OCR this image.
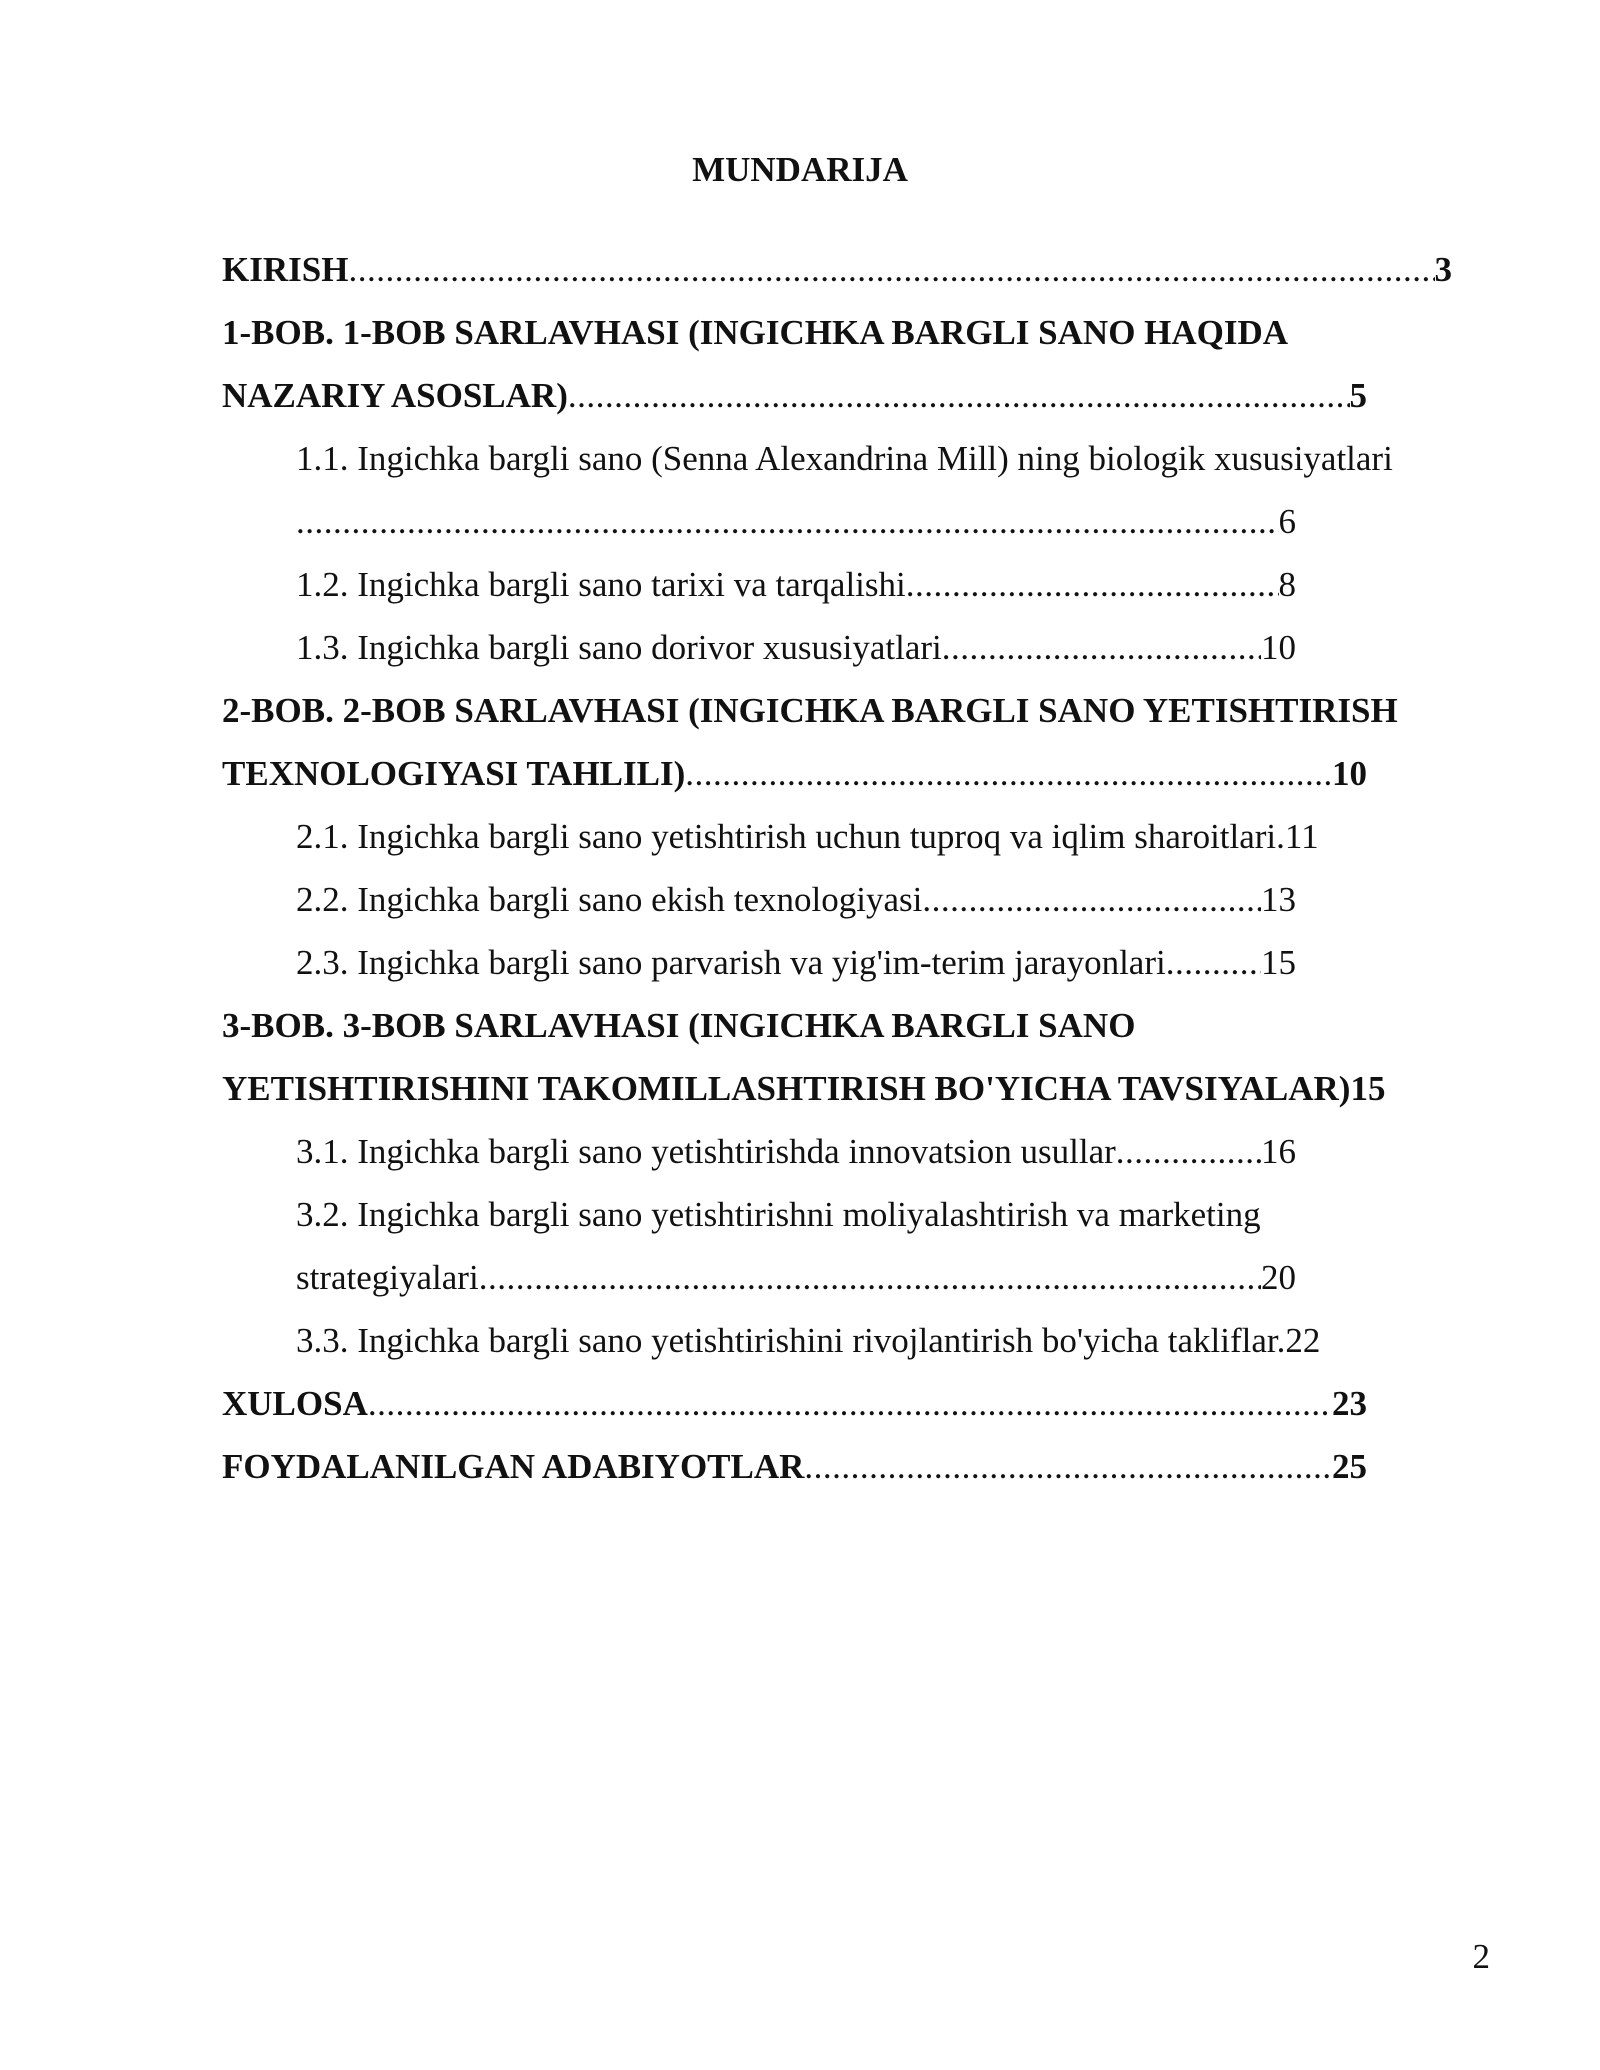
MUNDARIJA
KIRISH .....	3
1-BOB. 1-BOB SARLAVHASI (INGICHKA BARGLI SANO HAQIDA
NAZARIY ASOSLAR) .....	5
1.1. Ingichka bargli sano (Senna Alexandrina Mill) ning biologik xususiyatlari
.....
6
1.2. Ingichka bargli sano tarixi va tarqalishi .....	8
1.3. Ingichka bargli sano dorivor xususiyatlari .....	10
2-BOB. 2-BOB SARLAVHASI (INGICHKA BARGLI SANO YETISHTIRISH
TEXNOLOGIYASI TAHLILI) .....	10
2.1. Ingichka bargli sano yetishtirish uchun tuproq va iqlim sharoitlari. 11
2.2. Ingichka bargli sano ekish texnologiyasi .....	13
2.3. Ingichka bargli sano parvarish va yig'im-terim jarayonlari .....	15
3-BOB. 3-BOB SARLAVHASI (INGICHKA BARGLI SANO
YETISHTIRISHINI TAKOMILLASHTIRISH BO'YICHA TAVSIYALAR) 15
3.1. Ingichka bargli sano yetishtirishda innovatsion usullar .....	16
3.2. Ingichka bargli sano yetishtirishni moliyalashtirish va marketing
strategiyalari .....	20
3.3. Ingichka bargli sano yetishtirishini rivojlantirish bo'yicha takliflar. 22
XULOSA .....	23
FOYDALANILGAN ADABIYOTLAR .....	25
2
